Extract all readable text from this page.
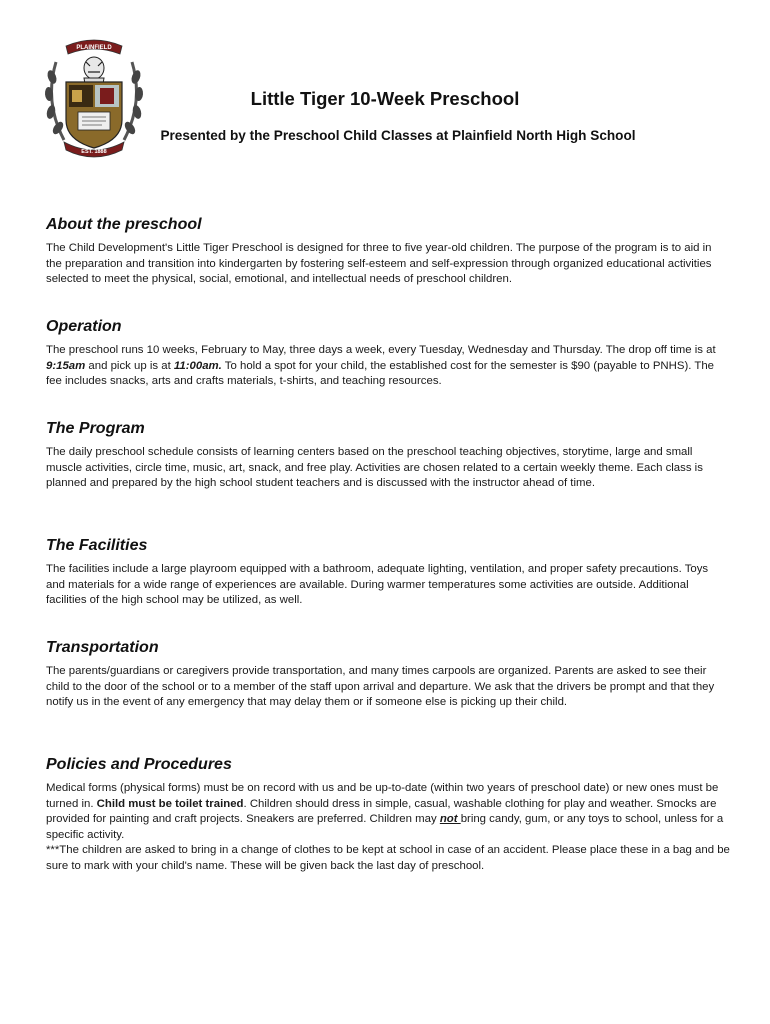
PLAINFIELD
EST. 1888
Little Tiger 10-Week Preschool
Presented by the Preschool Child Classes at Plainfield North High School
About the preschool

The Child Development's Little Tiger Preschool is designed for three to five year-old children. The purpose of the program is to aid in the preparation and transition into kindergarten by fostering self-esteem and self-expression through organized educational activities selected to meet the physical, social, emotional, and intellectual needs of preschool children.

Operation

The preschool runs 10 weeks, February to May, three days a week, every Tuesday, Wednesday and Thursday. The drop off time is at 9:15am and pick up is at 11:00am. To hold a spot for your child, the established cost for the semester is $90 (payable to PNHS). The fee includes snacks, arts and crafts materials, t-shirts, and teaching resources.

The Program

The daily preschool schedule consists of learning centers based on the preschool teaching objectives, storytime, large and small muscle activities, circle time, music, art, snack, and free play. Activities are chosen related to a certain weekly theme. Each class is planned and prepared by the high school student teachers and is discussed with the instructor ahead of time.

The Facilities

The facilities include a large playroom equipped with a bathroom, adequate lighting, ventilation, and proper safety precautions. Toys and materials for a wide range of experiences are available. During warmer temperatures some activities are outside. Additional facilities of the high school may be utilized, as well.

Transportation

The parents/guardians or caregivers provide transportation, and many times carpools are organized. Parents are asked to see their child to the door of the school or to a member of the staff upon arrival and departure. We ask that the drivers be prompt and that they notify us in the event of any emergency that may delay them or if someone else is picking up their child.

Policies and Procedures

Medical forms (physical forms) must be on record with us and be up-to-date (within two years of preschool date) or new ones must be turned in. Child must be toilet trained. Children should dress in simple, casual, washable clothing for play and weather. Smocks are provided for painting and craft projects. Sneakers are preferred. Children may not bring candy, gum, or any toys to school, unless for a specific activity.

***The children are asked to bring in a change of clothes to be kept at school in case of an accident. Please place these in a bag and be sure to mark with your child's name. These will be given back the last day of preschool.
